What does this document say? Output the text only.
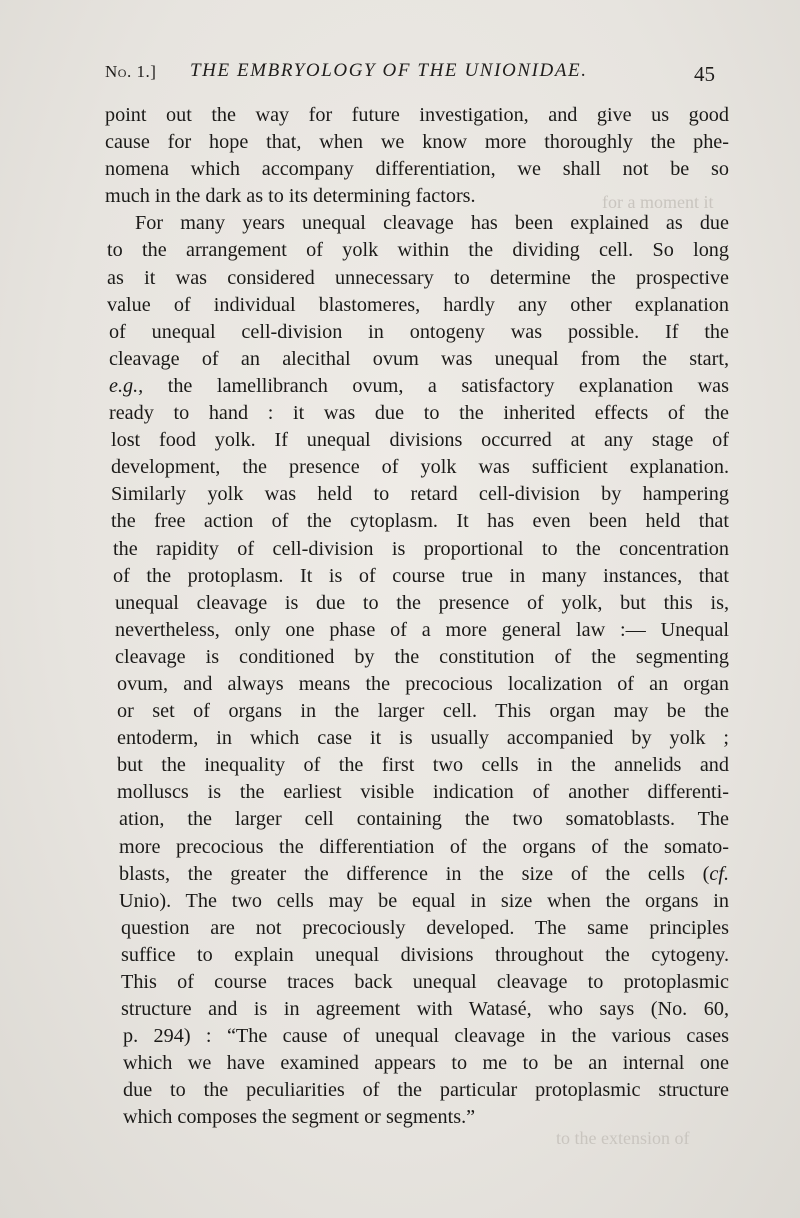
for a moment it
to the extension of
No. 1.] THE EMBRYOLOGY OF THE UNIONIDAE.	45
point out the way for future investigation, and give us good
cause for hope that, when we know more thoroughly the phe-
nomena which accompany differentiation, we shall not be so
much in the dark as to its determining factors.
For many years unequal cleavage has been explained as due
to the arrangement of yolk within the dividing cell. So long
as it was considered unnecessary to determine the prospective
value of individual blastomeres, hardly any other explanation
of unequal cell-division in ontogeny was possible. If the
cleavage of an alecithal ovum was unequal from the start,
e.g., the lamellibranch ovum, a satisfactory explanation was
ready to hand : it was due to the inherited effects of the
lost food yolk. If unequal divisions occurred at any stage of
development, the presence of yolk was sufficient explanation.
Similarly yolk was held to retard cell-division by hampering
the free action of the cytoplasm. It has even been held that
the rapidity of cell-division is proportional to the concentration
of the protoplasm. It is of course true in many instances, that
unequal cleavage is due to the presence of yolk, but this is,
nevertheless, only one phase of a more general law :— Unequal
cleavage is conditioned by the constitution of the segmenting
ovum, and always means the precocious localization of an organ
or set of organs in the larger cell. This organ may be the
entoderm, in which case it is usually accompanied by yolk ;
but the inequality of the first two cells in the annelids and
molluscs is the earliest visible indication of another differenti-
ation, the larger cell containing the two somatoblasts. The
more precocious the differentiation of the organs of the somato-
blasts, the greater the difference in the size of the cells (cf.
Unio). The two cells may be equal in size when the organs in
question are not precociously developed. The same principles
suffice to explain unequal divisions throughout the cytogeny.
This of course traces back unequal cleavage to protoplasmic
structure and is in agreement with Watasé, who says (No. 60,
p. 294) : “The cause of unequal cleavage in the various cases
which we have examined appears to me to be an internal one
due to the peculiarities of the particular protoplasmic structure
which composes the segment or segments.”
